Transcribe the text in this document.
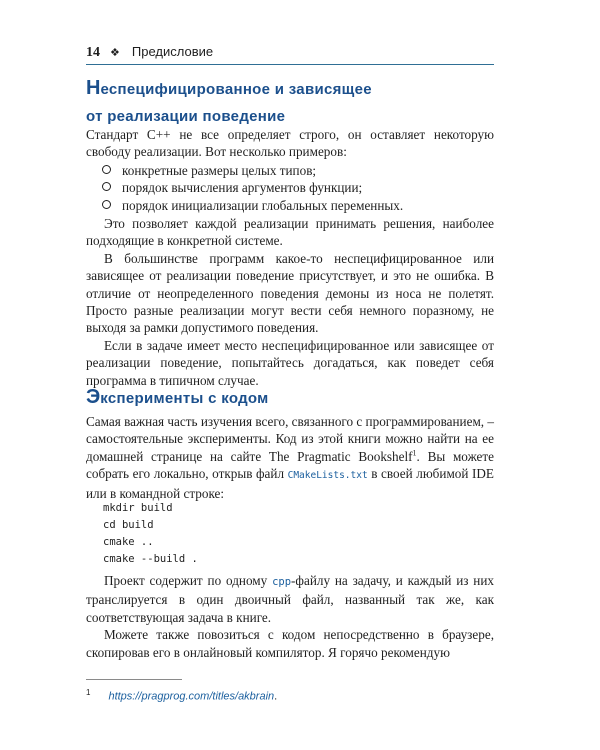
14 ❖ Предисловие
Неспецифицированное и зависящее
от реализации поведение

Стандарт C++ не все определяет строго, он оставляет некоторую свободу реализации. Вот несколько примеров:

конкретные размеры целых типов;
порядок вычисления аргументов функции;
порядок инициализации глобальных переменных.

Это позволяет каждой реализации принимать решения, наиболее подходящие в конкретной системе.

В большинстве программ какое-то неспецифицированное или зависящее от реализации поведение присутствует, и это не ошибка. В отличие от неопределенного поведения демоны из носа не полетят. Просто разные реализации могут вести себя немного поразному, не выходя за рамки допустимого поведения.

Если в задаче имеет место неспецифицированное или зависящее от реализации поведение, попытайтесь догадаться, как поведет себя программа в типичном случае.

Эксперименты с кодом

Самая важная часть изучения всего, связанного с программированием, – самостоятельные эксперименты. Код из этой книги можно найти на ее домашней странице на сайте The Pragmatic Bookshelf$^1$. Вы можете собрать его локально, открыв файл CMakeLists.txt в своей любимой IDE или в командной строке:

mkdir build
cd build
cmake ..
cmake --build .

Проект содержит по одному cpp-файлу на задачу, и каждый из них транслируется в один двоичный файл, названный так же, как соответствующая задача в книге.

Можете также повозиться с кодом непосредственно в браузере, скопировав его в онлайновый компилятор. Я горячо рекомендую

$^1$ https://pragprog.com/titles/akbrain.
